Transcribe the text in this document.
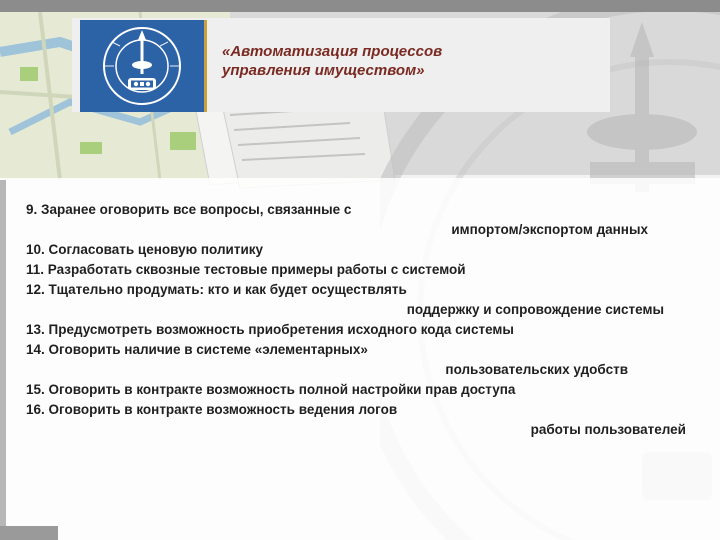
«Автоматизация процессов
управления имуществом»
9. Заранее оговорить все вопросы, связанные с
импортом/экспортом данных
10. Согласовать ценовую политику
11. Разработать сквозные тестовые примеры работы с системой
12. Тщательно продумать: кто и как будет осуществлять
поддержку и сопровождение системы
13. Предусмотреть возможность приобретения исходного кода системы
14. Оговорить наличие в системе «элементарных»
пользовательских удобств
15. Оговорить в контракте возможность полной настройки прав доступа
16. Оговорить в контракте возможность ведения логов
работы пользователей
